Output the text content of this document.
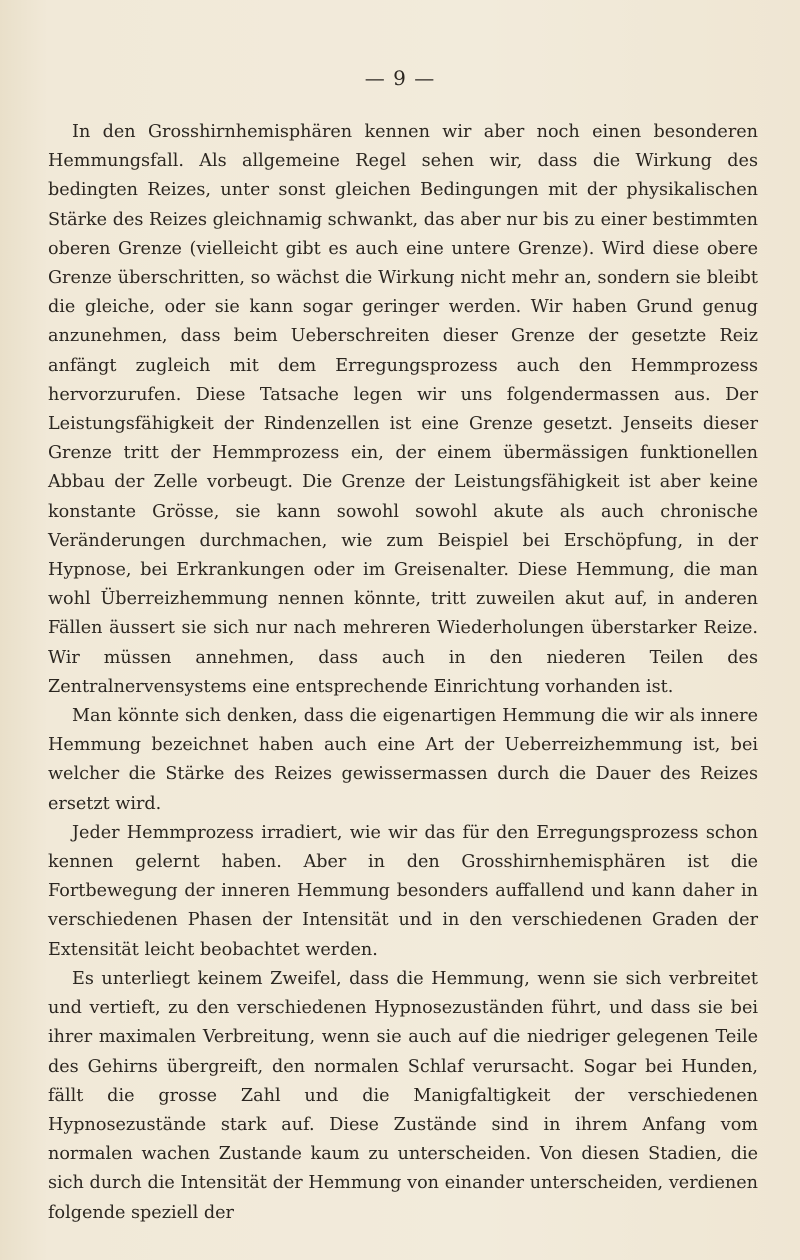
— 9 —

In den Grosshirnhemisphären kennen wir aber noch einen besonderen Hemmungsfall. Als allgemeine Regel sehen wir, dass die Wirkung des bedingten Reizes, unter sonst gleichen Bedingungen mit der physikalischen Stärke des Reizes gleichnamig schwankt, das aber nur bis zu einer bestimmten oberen Grenze (vielleicht gibt es auch eine untere Grenze). Wird diese obere Grenze überschritten, so wächst die Wirkung nicht mehr an, sondern sie bleibt die gleiche, oder sie kann sogar geringer werden. Wir haben Grund genug anzunehmen, dass beim Ueberschreiten dieser Grenze der gesetzte Reiz anfängt zugleich mit dem Erregungsprozess auch den Hemmprozess hervorzurufen. Diese Tatsache legen wir uns folgendermassen aus. Der Leistungsfähigkeit der Rindenzellen ist eine Grenze gesetzt. Jenseits dieser Grenze tritt der Hemmprozess ein, der einem übermässigen funktionellen Abbau der Zelle vorbeugt. Die Grenze der Leistungsfähigkeit ist aber keine konstante Grösse, sie kann sowohl sowohl akute als auch chronische Veränderungen durchmachen, wie zum Beispiel bei Erschöpfung, in der Hypnose, bei Erkrankungen oder im Greisenalter. Diese Hemmung, die man wohl Überreizhemmung nennen könnte, tritt zuweilen akut auf, in anderen Fällen äussert sie sich nur nach mehreren Wiederholungen überstarker Reize. Wir müssen annehmen, dass auch in den niederen Teilen des Zentralnervensystems eine entsprechende Einrichtung vorhanden ist.

Man könnte sich denken, dass die eigenartigen Hemmung die wir als innere Hemmung bezeichnet haben auch eine Art der Ueberreizhemmung ist, bei welcher die Stärke des Reizes gewissermassen durch die Dauer des Reizes ersetzt wird.

Jeder Hemmprozess irradiert, wie wir das für den Erregungsprozess schon kennen gelernt haben. Aber in den Grosshirnhemisphären ist die Fortbewegung der inneren Hemmung besonders auffallend und kann daher in verschiedenen Phasen der Intensität und in den verschiedenen Graden der Extensität leicht beobachtet werden.

Es unterliegt keinem Zweifel, dass die Hemmung, wenn sie sich verbreitet und vertieft, zu den verschiedenen Hypnosezuständen führt, und dass sie bei ihrer maximalen Verbreitung, wenn sie auch auf die niedriger gelegenen Teile des Gehirns übergreift, den normalen Schlaf verursacht. Sogar bei Hunden, fällt die grosse Zahl und die Manigfaltigkeit der verschiedenen Hypnosezustände stark auf. Diese Zustände sind in ihrem Anfang vom normalen wachen Zustande kaum zu unterscheiden. Von diesen Stadien, die sich durch die Intensität der Hemmung von einander unterscheiden, verdienen folgende speziell der
